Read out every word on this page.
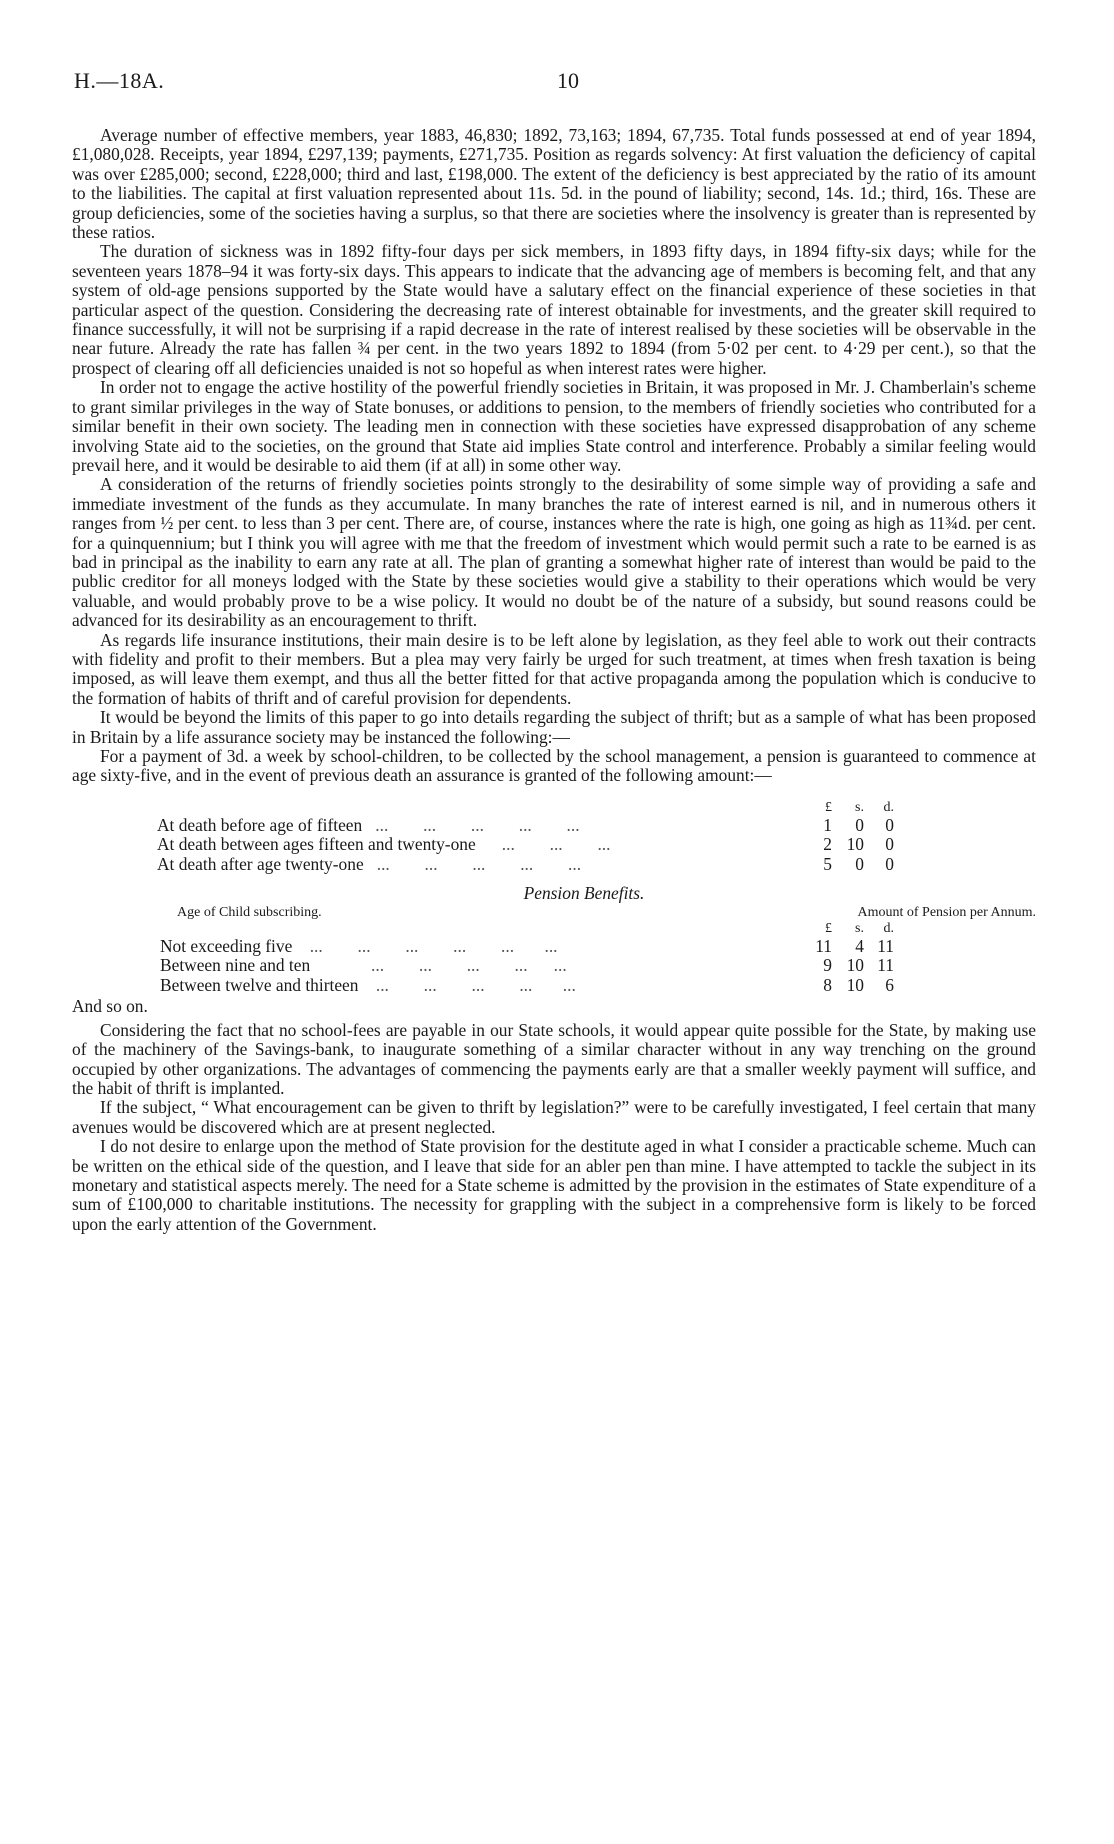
H.—18A.	10

Average number of effective members, year 1883, 46,830; 1892, 73,163; 1894, 67,735. Total funds possessed at end of year 1894, £1,080,028. Receipts, year 1894, £297,139; payments, £271,735. Position as regards solvency: At first valuation the deficiency of capital was over £285,000; second, £228,000; third and last, £198,000. The extent of the deficiency is best appreciated by the ratio of its amount to the liabilities. The capital at first valuation represented about 11s. 5d. in the pound of liability; second, 14s. 1d.; third, 16s. These are group deficiencies, some of the societies having a surplus, so that there are societies where the insolvency is greater than is represented by these ratios.

The duration of sickness was in 1892 fifty-four days per sick members, in 1893 fifty days, in 1894 fifty-six days; while for the seventeen years 1878–94 it was forty-six days. This appears to indicate that the advancing age of members is becoming felt, and that any system of old-age pensions supported by the State would have a salutary effect on the financial experience of these societies in that particular aspect of the question. Considering the decreasing rate of interest obtainable for investments, and the greater skill required to finance successfully, it will not be surprising if a rapid decrease in the rate of interest realised by these societies will be observable in the near future. Already the rate has fallen ¾ per cent. in the two years 1892 to 1894 (from 5·02 per cent. to 4·29 per cent.), so that the prospect of clearing off all deficiencies unaided is not so hopeful as when interest rates were higher.

In order not to engage the active hostility of the powerful friendly societies in Britain, it was proposed in Mr. J. Chamberlain's scheme to grant similar privileges in the way of State bonuses, or additions to pension, to the members of friendly societies who contributed for a similar benefit in their own society. The leading men in connection with these societies have expressed disapprobation of any scheme involving State aid to the societies, on the ground that State aid implies State control and interference. Probably a similar feeling would prevail here, and it would be desirable to aid them (if at all) in some other way.

A consideration of the returns of friendly societies points strongly to the desirability of some simple way of providing a safe and immediate investment of the funds as they accumulate. In many branches the rate of interest earned is nil, and in numerous others it ranges from ½ per cent. to less than 3 per cent. There are, of course, instances where the rate is high, one going as high as 11¾d. per cent. for a quinquennium; but I think you will agree with me that the freedom of investment which would permit such a rate to be earned is as bad in principal as the inability to earn any rate at all. The plan of granting a somewhat higher rate of interest than would be paid to the public creditor for all moneys lodged with the State by these societies would give a stability to their operations which would be very valuable, and would probably prove to be a wise policy. It would no doubt be of the nature of a subsidy, but sound reasons could be advanced for its desirability as an encouragement to thrift.

As regards life insurance institutions, their main desire is to be left alone by legislation, as they feel able to work out their contracts with fidelity and profit to their members. But a plea may very fairly be urged for such treatment, at times when fresh taxation is being imposed, as will leave them exempt, and thus all the better fitted for that active propaganda among the population which is conducive to the formation of habits of thrift and of careful provision for dependents.

It would be beyond the limits of this paper to go into details regarding the subject of thrift; but as a sample of what has been proposed in Britain by a life assurance society may be instanced the following:—

For a payment of 3d. a week by school-children, to be collected by the school management, a pension is guaranteed to commence at age sixty-five, and in the event of previous death an assurance is granted of the following amount:—

£	s.	d.
At death before age of fifteen   ...        ...        ...        ...        ...	1	0	0
At death between ages fifteen and twenty-one      ...        ...        ...	2 10	0
At death after age twenty-one   ...        ...        ...        ...        ...	5	0	0
Pension Benefits.
Age of Child subscribing.	Amount of Pension per Annum.
£	s.	d.
Not exceeding five    ...        ...        ...        ...        ...       ...	11	4 11
Between nine and ten              ...        ...        ...        ...      ...	9 10 11
Between twelve and thirteen    ...        ...        ...        ...       ...	8 10	6

And so on.

Considering the fact that no school-fees are payable in our State schools, it would appear quite possible for the State, by making use of the machinery of the Savings-bank, to inaugurate something of a similar character without in any way trenching on the ground occupied by other organizations. The advantages of commencing the payments early are that a smaller weekly payment will suffice, and the habit of thrift is implanted.

If the subject, “ What encouragement can be given to thrift by legislation?” were to be carefully investigated, I feel certain that many avenues would be discovered which are at present neglected.

I do not desire to enlarge upon the method of State provision for the destitute aged in what I consider a practicable scheme. Much can be written on the ethical side of the question, and I leave that side for an abler pen than mine. I have attempted to tackle the subject in its monetary and statistical aspects merely. The need for a State scheme is admitted by the provision in the estimates of State expenditure of a sum of £100,000 to charitable institutions. The necessity for grappling with the subject in a comprehensive form is likely to be forced upon the early attention of the Government.
